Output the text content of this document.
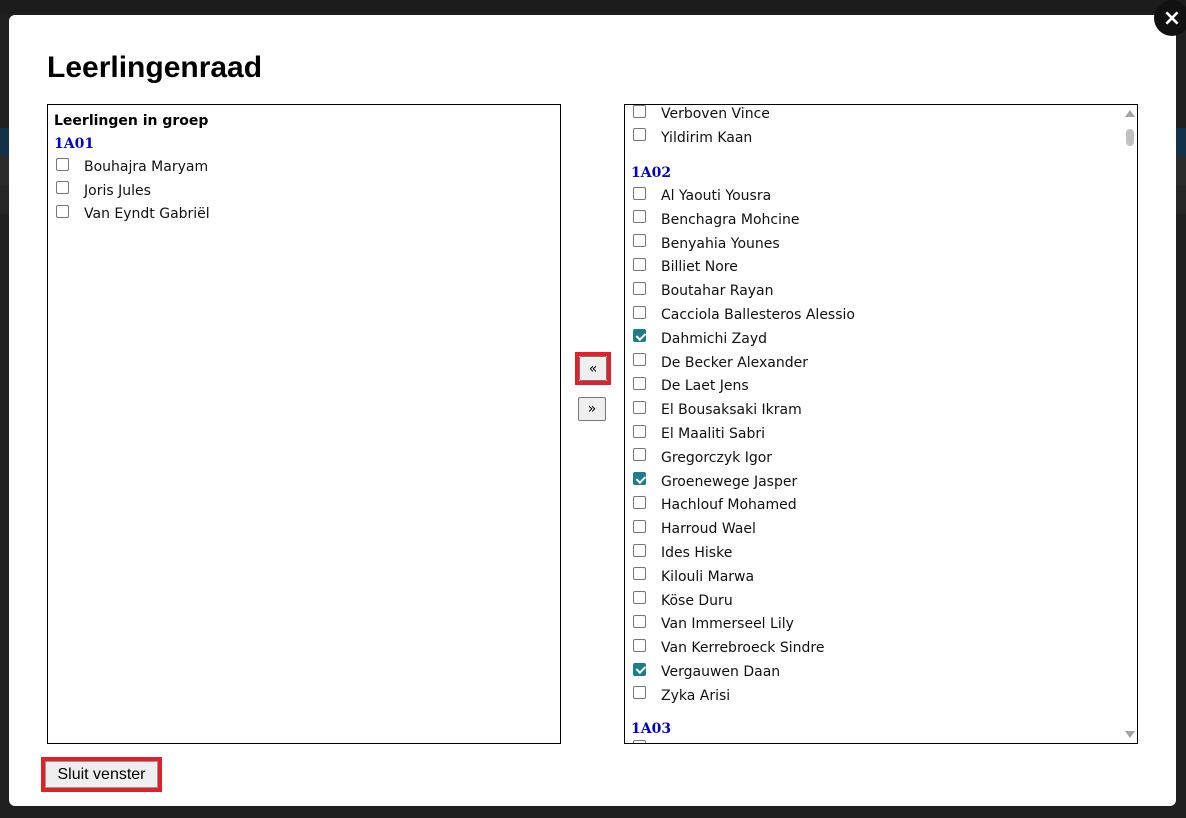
×
Leerlingenraad
Leerlingen in groep
1A01
Bouhajra Maryam
Joris Jules
Van Eyndt Gabriël
«
»
Verboven Vince
Yildirim Kaan
1A02
Al Yaouti Yousra
Benchagra Mohcine
Benyahia Younes
Billiet Nore
Boutahar Rayan
Cacciola Ballesteros Alessio
Dahmichi Zayd
De Becker Alexander
De Laet Jens
El Bousaksaki Ikram
El Maaliti Sabri
Gregorczyk Igor
Groenewege Jasper
Hachlouf Mohamed
Harroud Wael
Ides Hiske
Kilouli Marwa
Köse Duru
Van Immerseel Lily
Van Kerrebroeck Sindre
Vergauwen Daan
Zyka Arisi
1A03
Sluit venster
